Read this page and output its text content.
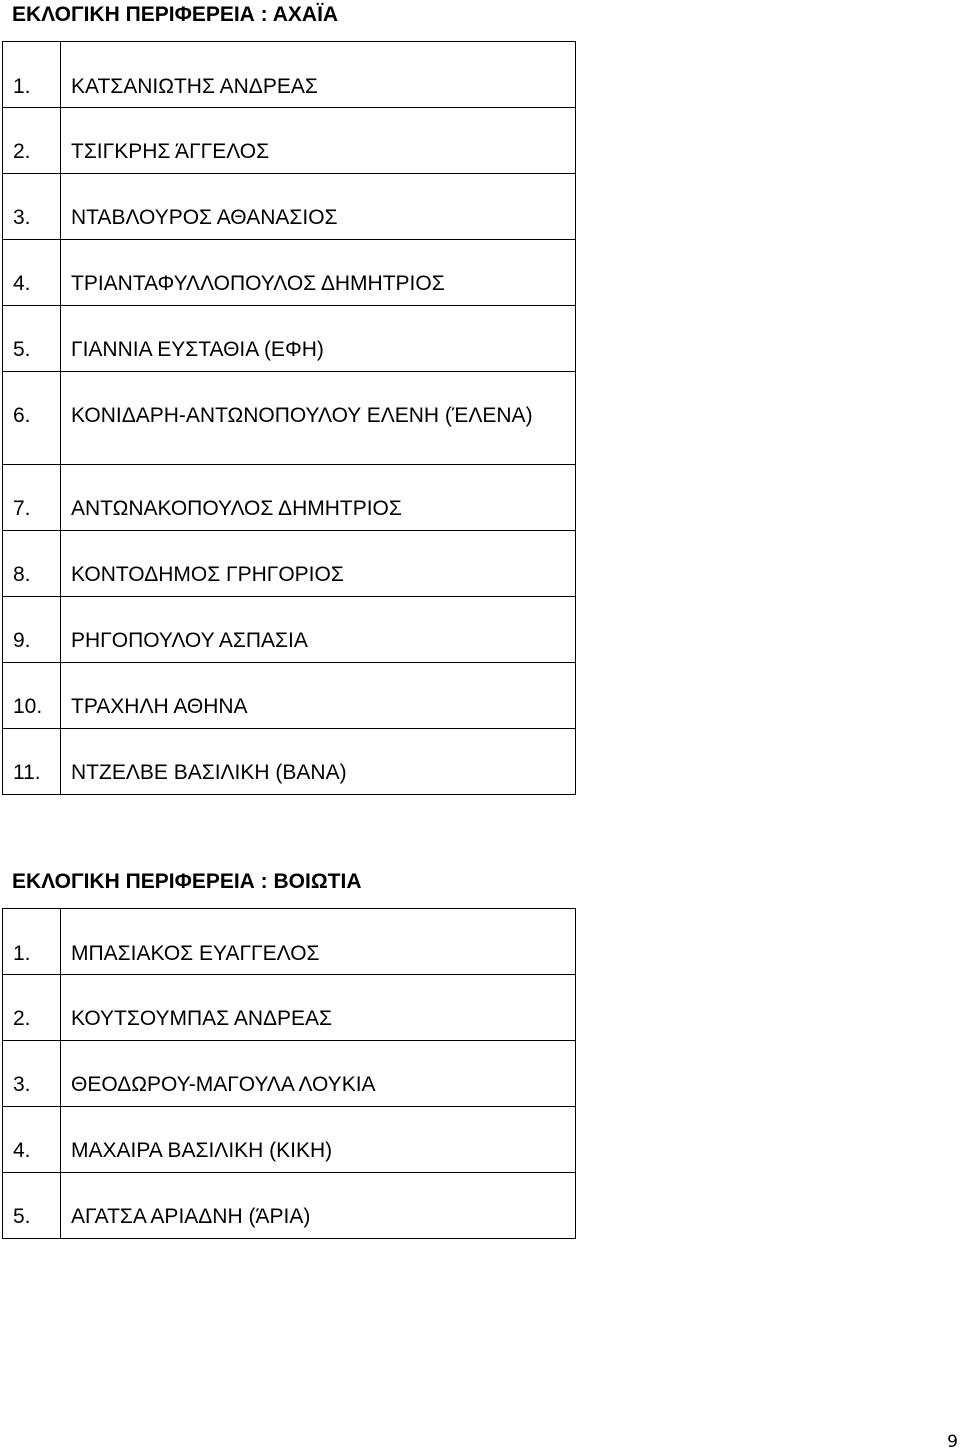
ΕΚΛΟΓΙΚΗ ΠΕΡΙΦΕΡΕΙΑ : ΑΧΑΪΑ
1.	ΚΑΤΣΑΝΙΩΤΗΣ ΑΝΔΡΕΑΣ
2.	ΤΣΙΓΚΡΗΣ ΆΓΓΕΛΟΣ
3.	ΝΤΑΒΛΟΥΡΟΣ ΑΘΑΝΑΣΙΟΣ
4.	ΤΡΙΑΝΤΑΦΥΛΛΟΠΟΥΛΟΣ ΔΗΜΗΤΡΙΟΣ
5.	ΓΙΑΝΝΙΑ ΕΥΣΤΑΘΙΑ (ΕΦΗ)
6.	ΚΟΝΙΔΑΡΗ-ΑΝΤΩΝΟΠΟΥΛΟΥ ΕΛΕΝΗ (ΈΛΕΝΑ)
7.	ΑΝΤΩΝΑΚΟΠΟΥΛΟΣ ΔΗΜΗΤΡΙΟΣ
8.	ΚΟΝΤΟΔΗΜΟΣ ΓΡΗΓΟΡΙΟΣ
9.	ΡΗΓΟΠΟΥΛΟΥ ΑΣΠΑΣΙΑ
10.	ΤΡΑΧΗΛΗ ΑΘΗΝΑ
11.	ΝΤΖΕΛΒΕ ΒΑΣΙΛΙΚΗ (ΒΑΝΑ)
ΕΚΛΟΓΙΚΗ ΠΕΡΙΦΕΡΕΙΑ : ΒΟΙΩΤΙΑ
1.	ΜΠΑΣΙΑΚΟΣ ΕΥΑΓΓΕΛΟΣ
2.	ΚΟΥΤΣΟΥΜΠΑΣ ΑΝΔΡΕΑΣ
3.	ΘΕΟΔΩΡΟΥ-ΜΑΓΟΥΛΑ ΛΟΥΚΙΑ
4.	ΜΑΧΑΙΡΑ ΒΑΣΙΛΙΚΗ (ΚΙΚΗ)
5.	ΑΓΑΤΣΑ ΑΡΙΑΔΝΗ (ΆΡΙΑ)
9
